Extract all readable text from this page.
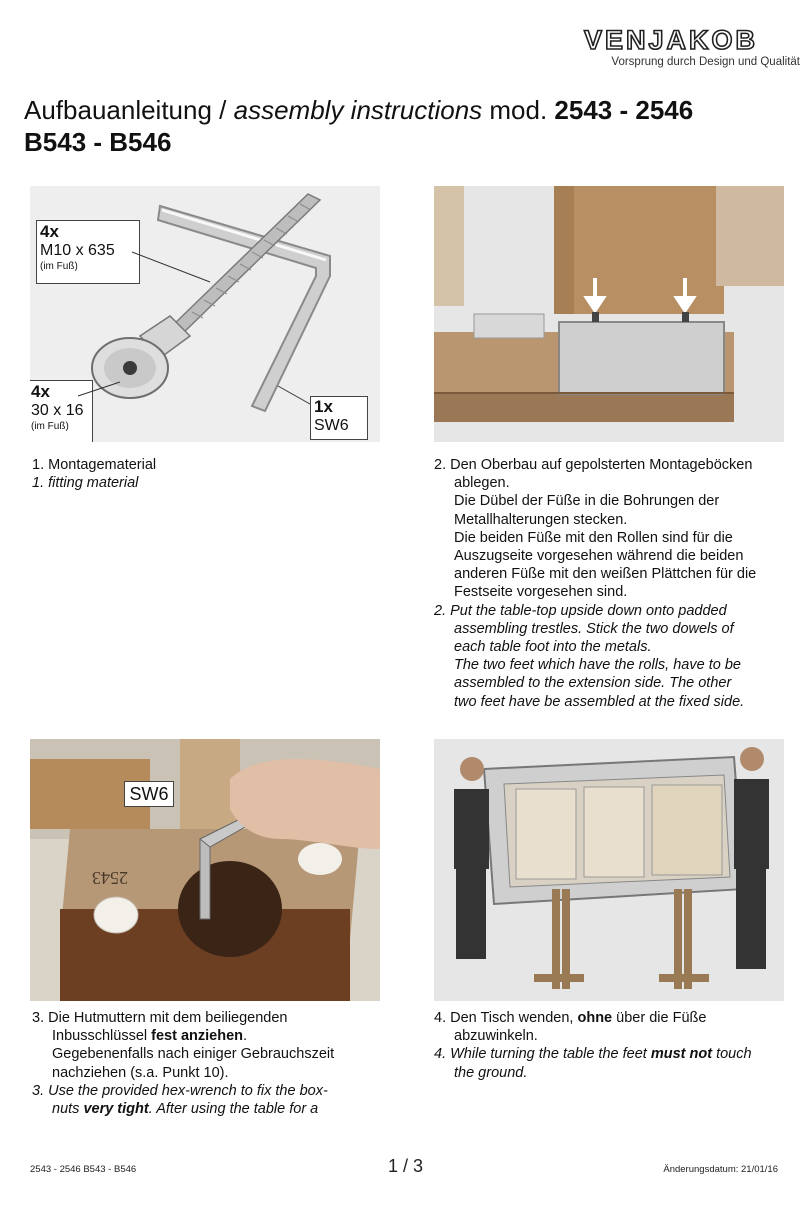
VENJAKOB
Vorsprung durch Design und Qualität
Aufbauanleitung / assembly instructions mod. 2543 - 2546
B543 - B546
4x
M10 x 635
(im Fuß)
4x
30 x 16
(im Fuß)
1x
SW6
1. Montagematerial
1. fitting material
2. Den Oberbau auf gepolsterten Montageböcken
ablegen.
Die Dübel der Füße in die Bohrungen der
Metallhalterungen stecken.
Die beiden Füße mit den Rollen sind für die
Auszugseite vorgesehen während die beiden
anderen Füße mit den weißen Plättchen für die
Festseite vorgesehen sind.
2. Put the table-top upside down onto padded
assembling trestles. Stick the two dowels of
each table foot into the metals.
The two feet which have the rolls, have to be
assembled to the extension side. The other
two feet have be assembled at the fixed side.
SW6
2543
3. Die Hutmuttern mit dem beiliegenden
Inbusschlüssel fest anziehen.
Gegebenenfalls nach einiger Gebrauchszeit
nachziehen (s.a. Punkt 10).
3. Use the provided hex-wrench to fix the box-
nuts very tight. After using the table for a
4. Den Tisch wenden, ohne über die Füße
abzuwinkeln.
4. While turning the table the feet must not touch
the ground.
2543 - 2546 B543 - B546	1 / 3	Änderungsdatum: 21/01/16
